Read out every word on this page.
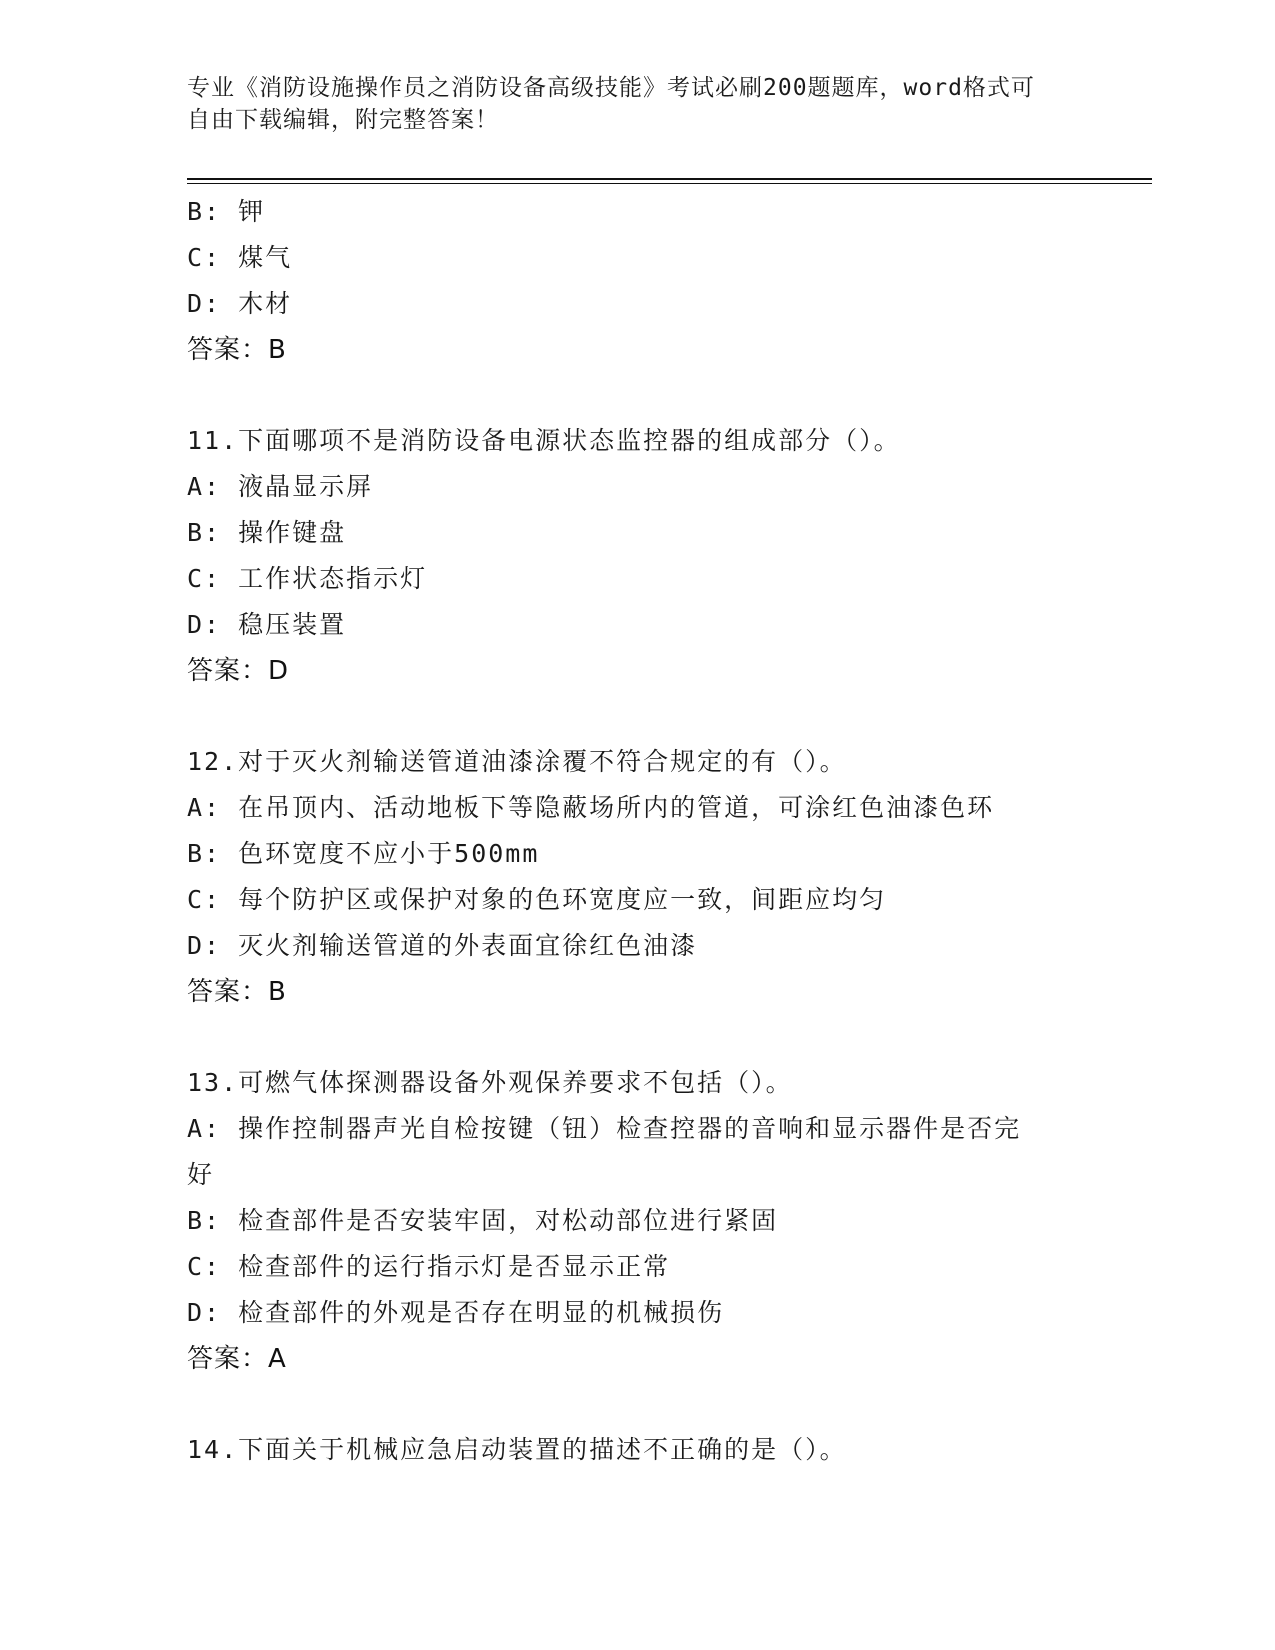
专业《消防设施操作员之消防设备高级技能》考试必刷200题题库，word格式可
自由下载编辑，附完整答案！
B: 钾
C: 煤气
D: 木材
答案：B
11.下面哪项不是消防设备电源状态监控器的组成部分（）。
A: 液晶显示屏
B: 操作键盘
C: 工作状态指示灯
D: 稳压装置
答案：D
12.对于灭火剂输送管道油漆涂覆不符合规定的有（）。
A: 在吊顶内、活动地板下等隐蔽场所内的管道，可涂红色油漆色环
B: 色环宽度不应小于500mm
C: 每个防护区或保护对象的色环宽度应一致，间距应均匀
D: 灭火剂输送管道的外表面宜徐红色油漆
答案：B
13.可燃气体探测器设备外观保养要求不包括（）。
A: 操作控制器声光自检按键（钮）检查控器的音响和显示器件是否完
好
B: 检查部件是否安装牢固，对松动部位进行紧固
C: 检查部件的运行指示灯是否显示正常
D: 检查部件的外观是否存在明显的机械损伤
答案：A
14.下面关于机械应急启动装置的描述不正确的是（）。
